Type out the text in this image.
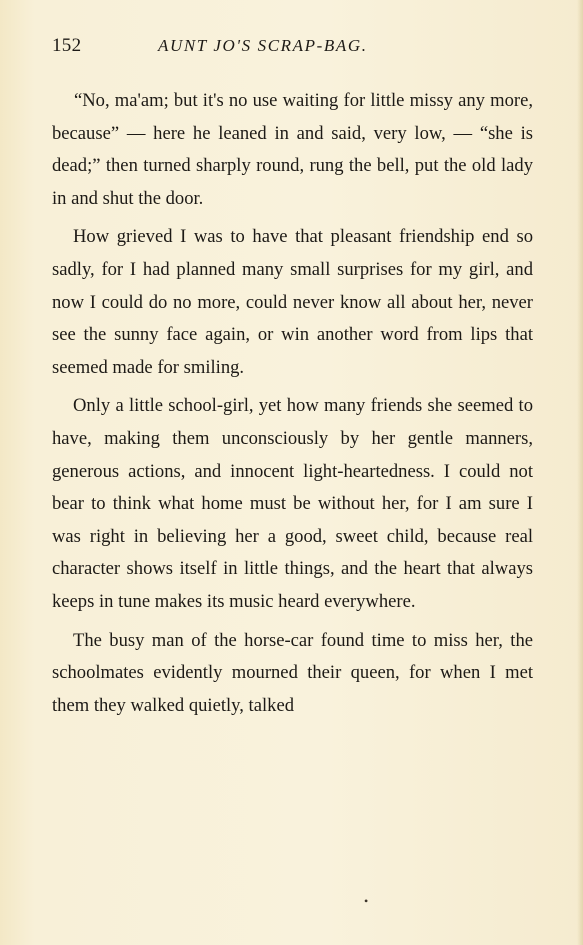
152	AUNT JO'S SCRAP-BAG.

“No, ma'am; but it's no use waiting for little missy any more, because” — here he leaned in and said, very low, — “she is dead;” then turned sharply round, rung the bell, put the old lady in and shut the door.

How grieved I was to have that pleasant friendship end so sadly, for I had planned many small surprises for my girl, and now I could do no more, could never know all about her, never see the sunny face again, or win another word from lips that seemed made for smiling.

Only a little school-girl, yet how many friends she seemed to have, making them unconsciously by her gentle manners, generous actions, and innocent light-heartedness. I could not bear to think what home must be without her, for I am sure I was right in believing her a good, sweet child, because real character shows itself in little things, and the heart that always keeps in tune makes its music heard everywhere.

The busy man of the horse-car found time to miss her, the schoolmates evidently mourned their queen, for when I met them they walked quietly, talked

•
